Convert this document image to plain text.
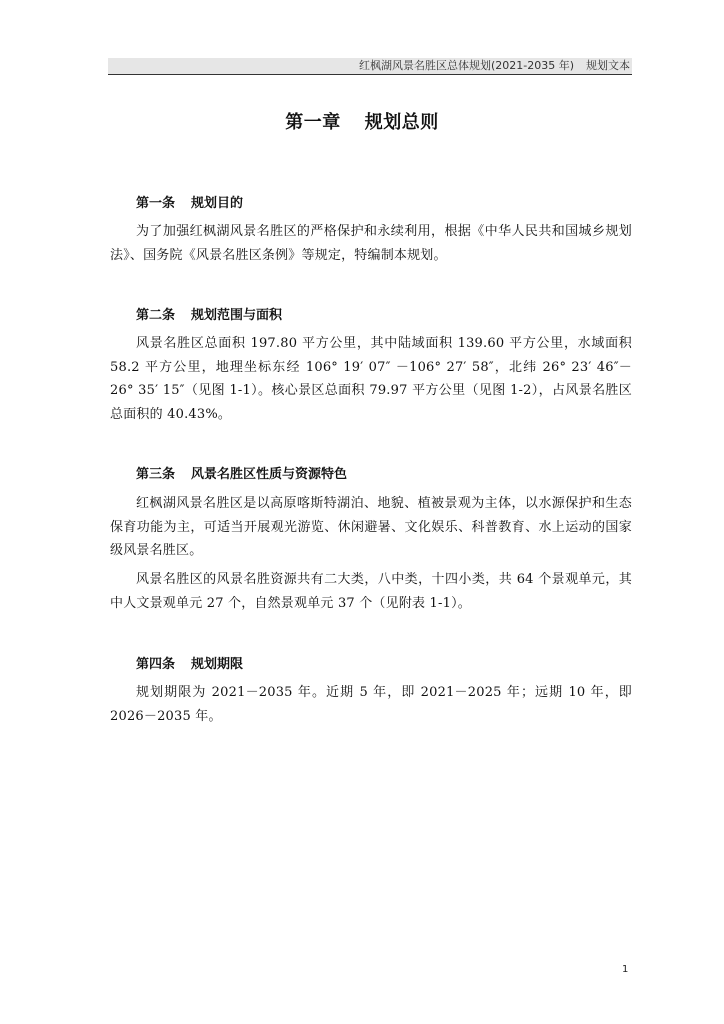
红枫湖风景名胜区总体规划(2021-2035 年) 规划文本
第一章 规划总则
第一条 规划目的
为了加强红枫湖风景名胜区的严格保护和永续利用，根据《中华人民共和国城乡规划法》、国务院《风景名胜区条例》等规定，特编制本规划。
第二条 规划范围与面积
风景名胜区总面积 197.80 平方公里，其中陆域面积 139.60 平方公里，水域面积 58.2 平方公里，地理坐标东经 106° 19′ 07″ －106° 27′ 58″，北纬 26° 23′ 46″－26° 35′ 15″（见图 1-1）。核心景区总面积 79.97 平方公里（见图 1-2），占风景名胜区总面积的 40.43%。
第三条 风景名胜区性质与资源特色
红枫湖风景名胜区是以高原喀斯特湖泊、地貌、植被景观为主体，以水源保护和生态保育功能为主，可适当开展观光游览、休闲避暑、文化娱乐、科普教育、水上运动的国家级风景名胜区。
风景名胜区的风景名胜资源共有二大类，八中类，十四小类，共 64 个景观单元，其中人文景观单元 27 个，自然景观单元 37 个（见附表 1-1）。
第四条 规划期限
规划期限为 2021－2035 年。近期 5 年，即 2021－2025 年；远期 10 年，即 2026－2035 年。
1
